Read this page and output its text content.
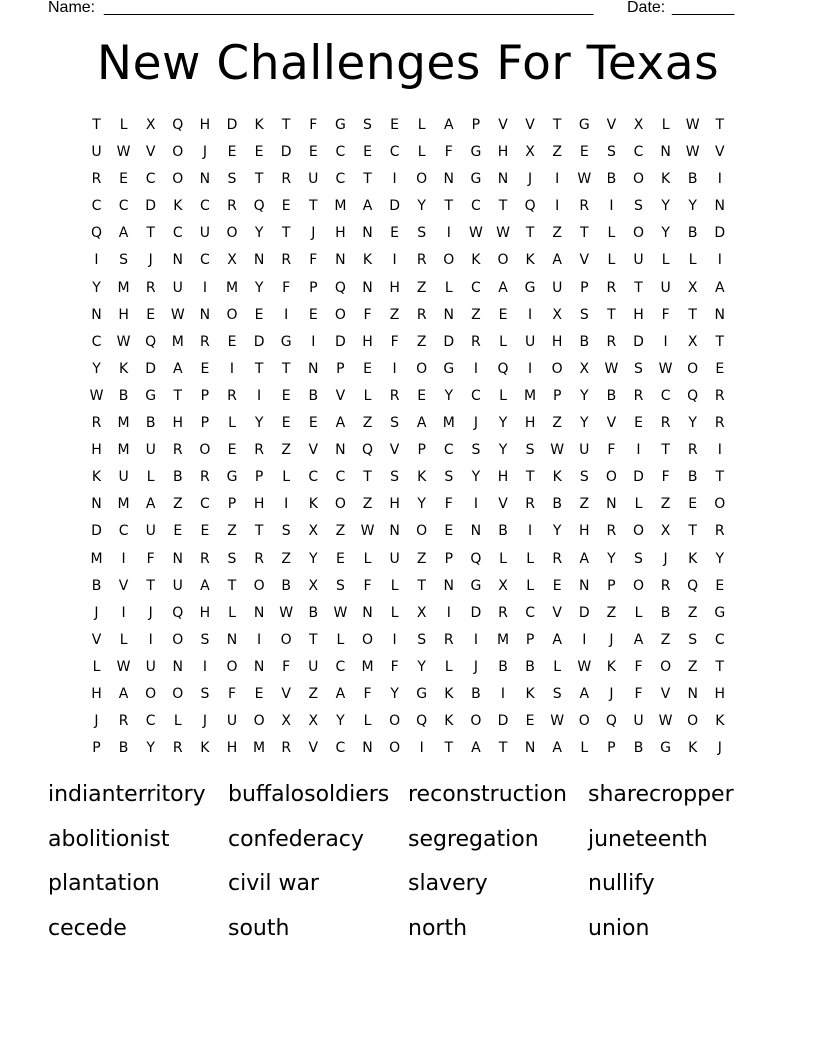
Name: _______________________________________________________ Date: _______
New Challenges For Texas
T	L	X	Q	H	D	K	T	F	G	S	E	L	A	P	V	V	T	G	V	X	L	W	T
U	W	V	O	J	E	E	D	E	C	E	C	L	F	G	H	X	Z	E	S	C	N	W	V
R	E	C	O	N	S	T	R	U	C	T	I	O	N	G	N	J	I	W	B	O	K	B	I
C	C	D	K	C	R	Q	E	T	M	A	D	Y	T	C	T	Q	I	R	I	S	Y	Y	N
Q	A	T	C	U	O	Y	T	J	H	N	E	S	I	W W	T	Z	T	L	O	Y	B	D
I	S	J	N	C	X	N	R	F	N	K	I	R	O	K	O	K	A	V	L	U	L	L	I
Y	M	R	U	I	M	Y	F	P	Q	N	H	Z	L	C	A	G	U	P	R	T	U	X	A
N	H	E	W	N	O	E	I	E	O	F	Z	R	N	Z	E	I	X	S	T	H	F	T	N
C	W	Q	M	R	E	D	G	I	D	H	F	Z	D	R	L	U	H	B	R	D	I	X	T
Y	K	D	A	E	I	T	T	N	P	E	I	O	G	I	Q	I	O	X	W	S	W	O	E
W	B	G	T	P	R	I	E	B	V	L	R	E	Y	C	L	M	P	Y	B	R	C	Q	R
R	M	B	H	P	L	Y	E	E	A	Z	S	A	M	J	Y	H	Z	Y	V	E	R	Y	R
H	M	U	R	O	E	R	Z	V	N	Q	V	P	C	S	Y	S	W	U	F	I	T	R	I
K	U	L	B	R	G	P	L	C	C	T	S	K	S	Y	H	T	K	S	O	D	F	B	T
N	M	A	Z	C	P	H	I	K	O	Z	H	Y	F	I	V	R	B	Z	N	L	Z	E	O
D	C	U	E	E	Z	T	S	X	Z	W	N	O	E	N	B	I	Y	H	R	O	X	T	R
M	I	F	N	R	S	R	Z	Y	E	L	U	Z	P	Q	L	L	R	A	Y	S	J	K	Y
B	V	T	U	A	T	O	B	X	S	F	L	T	N	G	X	L	E	N	P	O	R	Q	E
J	I	J	Q	H	L	N	W	B	W	N	L	X	I	D	R	C	V	D	Z	L	B	Z	G
V	L	I	O	S	N	I	O	T	L	O	I	S	R	I	M	P	A	I	J	A	Z	S	C
L	W	U	N	I	O	N	F	U	C	M	F	Y	L	J	B	B	L	W	K	F	O	Z	T
H	A	O	O	S	F	E	V	Z	A	F	Y	G	K	B	I	K	S	A	J	F	V	N	H
J	R	C	L	J	U	O	X	X	Y	L	O	Q	K	O	D	E	W	O	Q	U	W	O	K
P	B	Y	R	K	H	M	R	V	C	N	O	I	T	A	T	N	A	L	P	B	G	K	J
indianterritory buffalosoldiers reconstruction sharecropper
abolitionist	confederacy segregation juneteenth
plantation	civil war	slavery	nullify
cecede	south	north	union
